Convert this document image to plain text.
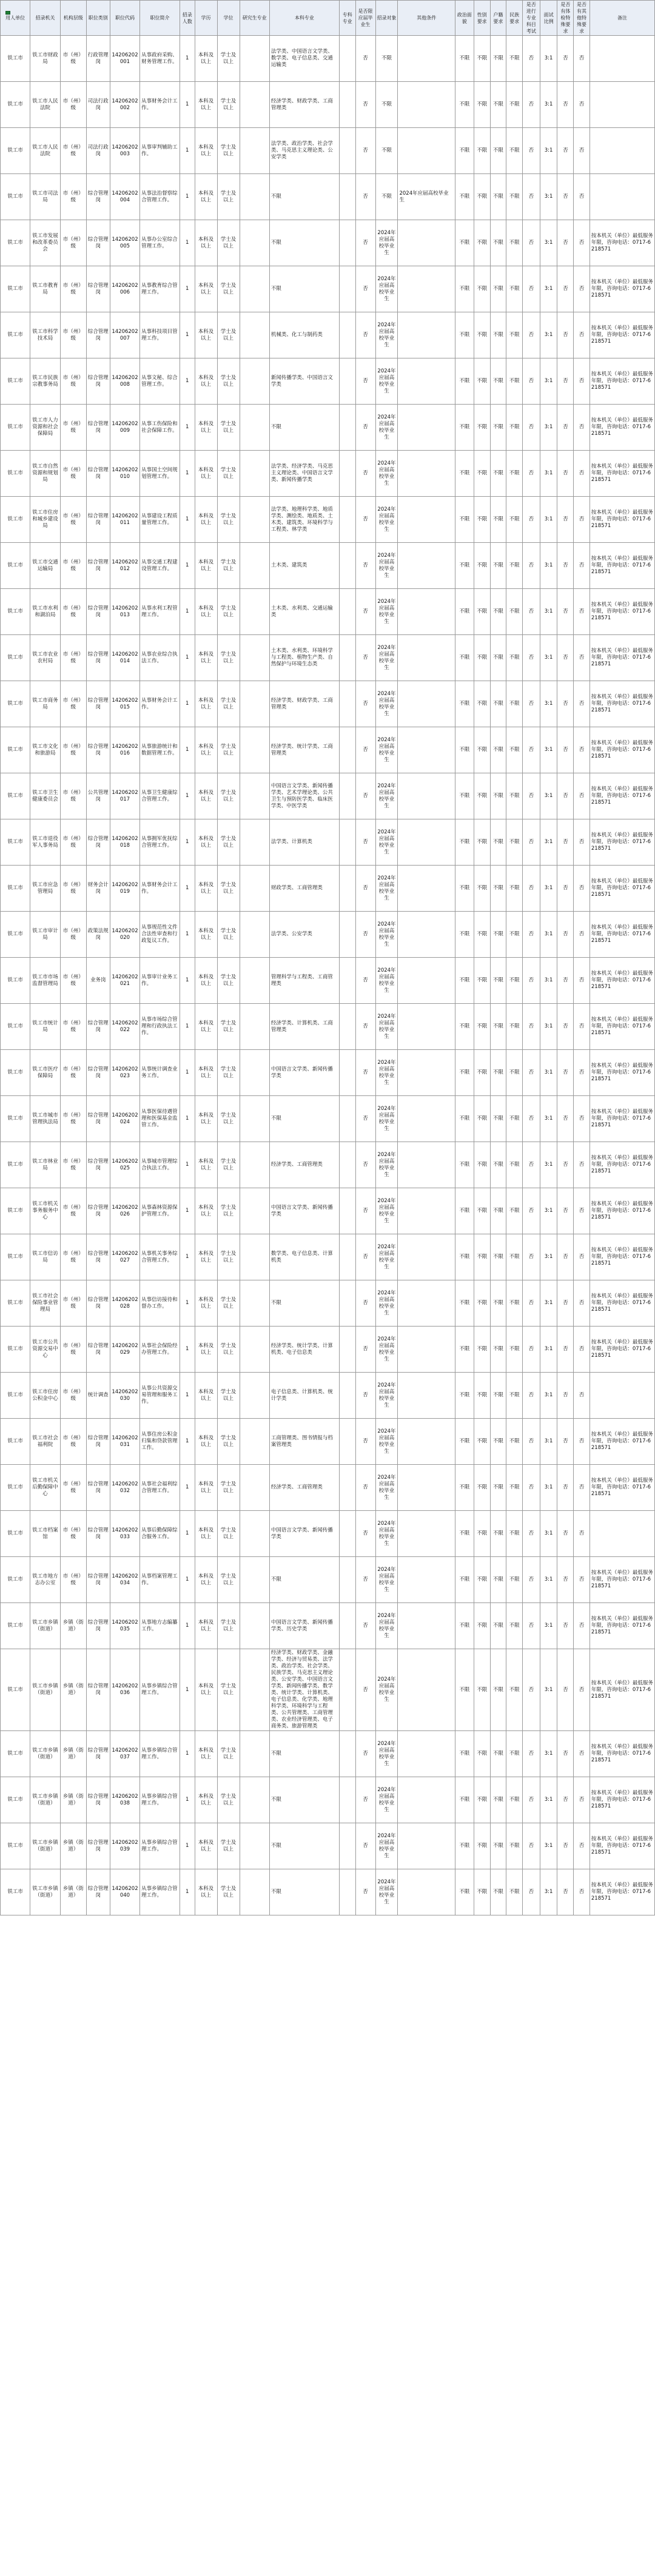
用人单位	招录机关	机构层级	职位类别	职位代码	职位简介	招录人数	学历	学位	研究生专业	本科专业	专科专业	是否限应届毕业生	招录对象	其他条件	政治面貌	性别要求	户籍要求	民族要求	是否进行专业科目考试	面试比例	是否有体检特殊要求	是否有其他特殊要求	备注
铁工市	铁工市财政局	市（州）级	行政管理岗	14206202001	从事政府采购、财务管理工作。	1	本科及以上	学士及以上		法学类、中国语言文学类、数学类、电子信息类、交通运输类		否	不限		不限	不限	不限	不限	否	3:1	否	否	
铁工市	铁工市人民法院	市（州）级	司法行政岗	14206202002	从事财务会计工作。	1	本科及以上	学士及以上		经济学类、财政学类、工商管理类		否	不限		不限	不限	不限	不限	否	3:1	否	否	
铁工市	铁工市人民法院	市（州）级	司法行政岗	14206202003	从事审判辅助工作。	1	本科及以上	学士及以上		法学类、政治学类、社会学类、马克思主义理论类、公安学类		否	不限		不限	不限	不限	不限	否	3:1	否	否	
铁工市	铁工市司法局	市（州）级	综合管理岗	14206202004	从事法治督察综合管理工作。	1	本科及以上	学士及以上		不限		否	不限	2024年应届高校毕业生	不限	不限	不限	不限	否	3:1	否	否	
铁工市	铁工市发展和改革委员会	市（州）级	综合管理岗	14206202005	从事办公室综合管理工作。	1	本科及以上	学士及以上		不限		否	2024年应届高校毕业生		不限	不限	不限	不限	否	3:1	否	否	按本机关（单位）最低服务年限，咨询电话：0717-6218571
铁工市	铁工市教育局	市（州）级	综合管理岗	14206202006	从事教育综合管理工作。	1	本科及以上	学士及以上		不限		否	2024年应届高校毕业生		不限	不限	不限	不限	否	3:1	否	否	按本机关（单位）最低服务年限，咨询电话：0717-6218571
铁工市	铁工市科学技术局	市（州）级	综合管理岗	14206202007	从事科技项目管理工作。	1	本科及以上	学士及以上		机械类、化工与制药类		否	2024年应届高校毕业生		不限	不限	不限	不限	否	3:1	否	否	按本机关（单位）最低服务年限，咨询电话：0717-6218571
铁工市	铁工市民族宗教事务局	市（州）级	综合管理岗	14206202008	从事文秘、综合管理工作。	1	本科及以上	学士及以上		新闻传播学类、中国语言文学类		否	2024年应届高校毕业生		不限	不限	不限	不限	否	3:1	否	否	按本机关（单位）最低服务年限，咨询电话：0717-6218571
铁工市	铁工市人力资源和社会保障局	市（州）级	综合管理岗	14206202009	从事工伤保险和社会保障工作。	1	本科及以上	学士及以上		不限		否	2024年应届高校毕业生		不限	不限	不限	不限	否	3:1	否	否	按本机关（单位）最低服务年限，咨询电话：0717-6218571
铁工市	铁工市自然资源和规划局	市（州）级	综合管理岗	14206202010	从事国土空间规划管理工作。	1	本科及以上	学士及以上		法学类、经济学类、马克思主义理论类、中国语言文学类、新闻传播学类		否	2024年应届高校毕业生		不限	不限	不限	不限	否	3:1	否	否	按本机关（单位）最低服务年限，咨询电话：0717-6218571
铁工市	铁工市住房和城乡建设局	市（州）级	综合管理岗	14206202011	从事建设工程质量管理工作。	1	本科及以上	学士及以上		法学类、地理科学类、地质学类、测绘类、地质类、土木类、建筑类、环境科学与工程类、林学类		否	2024年应届高校毕业生		不限	不限	不限	不限	否	3:1	否	否	按本机关（单位）最低服务年限，咨询电话：0717-6218571
铁工市	铁工市交通运输局	市（州）级	综合管理岗	14206202012	从事交通工程建设管理工作。	1	本科及以上	学士及以上		土木类、建筑类		否	2024年应届高校毕业生		不限	不限	不限	不限	否	3:1	否	否	按本机关（单位）最低服务年限，咨询电话：0717-6218571
铁工市	铁工市水利和湖泊局	市（州）级	综合管理岗	14206202013	从事水利工程管理工作。	1	本科及以上	学士及以上		土木类、水利类、交通运输类		否	2024年应届高校毕业生		不限	不限	不限	不限	否	3:1	否	否	按本机关（单位）最低服务年限，咨询电话：0717-6218571
铁工市	铁工市农业农村局	市（州）级	综合管理岗	14206202014	从事农业综合执法工作。	1	本科及以上	学士及以上		土木类、水利类、环境科学与工程类、植物生产类、自然保护与环境生态类		否	2024年应届高校毕业生		不限	不限	不限	不限	否	3:1	否	否	按本机关（单位）最低服务年限，咨询电话：0717-6218571
铁工市	铁工市商务局	市（州）级	综合管理岗	14206202015	从事财务会计工作。	1	本科及以上	学士及以上		经济学类、财政学类、工商管理类		否	2024年应届高校毕业生		不限	不限	不限	不限	否	3:1	否	否	按本机关（单位）最低服务年限，咨询电话：0717-6218571
铁工市	铁工市文化和旅游局	市（州）级	综合管理岗	14206202016	从事旅游统计和数据管理工作。	1	本科及以上	学士及以上		经济学类、统计学类、工商管理类		否	2024年应届高校毕业生		不限	不限	不限	不限	否	3:1	否	否	按本机关（单位）最低服务年限，咨询电话：0717-6218571
铁工市	铁工市卫生健康委员会	市（州）级	公共管理岗	14206202017	从事卫生健康综合管理工作。	1	本科及以上	学士及以上		中国语言文学类、新闻传播学类、艺术学理论类、公共卫生与预防医学类、临床医学类、中医学类		否	2024年应届高校毕业生		不限	不限	不限	不限	否	3:1	否	否	按本机关（单位）最低服务年限，咨询电话：0717-6218571
铁工市	铁工市退役军人事务局	市（州）级	综合管理岗	14206202018	从事拥军优抚综合管理工作。	1	本科及以上	学士及以上		法学类、计算机类		否	2024年应届高校毕业生		不限	不限	不限	不限	否	3:1	否	否	按本机关（单位）最低服务年限，咨询电话：0717-6218571
铁工市	铁工市应急管理局	市（州）级	财务会计岗	14206202019	从事财务会计工作。	1	本科及以上	学士及以上		财政学类、工商管理类		否	2024年应届高校毕业生		不限	不限	不限	不限	否	3:1	否	否	按本机关（单位）最低服务年限，咨询电话：0717-6218571
铁工市	铁工市审计局	市（州）级	政策法规岗	14206202020	从事规范性文件合法性审查和行政复议工作。	1	本科及以上	学士及以上		法学类、公安学类		否	2024年应届高校毕业生		不限	不限	不限	不限	否	3:1	否	否	按本机关（单位）最低服务年限，咨询电话：0717-6218571
铁工市	铁工市市场监督管理局	市（州）级	业务岗	14206202021	从事审计业务工作。	1	本科及以上	学士及以上		管理科学与工程类、工商管理类		否	2024年应届高校毕业生		不限	不限	不限	不限	否	3:1	否	否	按本机关（单位）最低服务年限，咨询电话：0717-6218571
铁工市	铁工市统计局	市（州）级	综合管理岗	14206202022	从事市场综合管理和行政执法工作。	1	本科及以上	学士及以上		经济学类、计算机类、工商管理类		否	2024年应届高校毕业生		不限	不限	不限	不限	否	3:1	否	否	按本机关（单位）最低服务年限，咨询电话：0717-6218571
铁工市	铁工市医疗保障局	市（州）级	综合管理岗	14206202023	从事统计调查业务工作。	1	本科及以上	学士及以上		中国语言文学类、新闻传播学类		否	2024年应届高校毕业生		不限	不限	不限	不限	否	3:1	否	否	按本机关（单位）最低服务年限，咨询电话：0717-6218571
铁工市	铁工市城市管理执法局	市（州）级	综合管理岗	14206202024	从事医保待遇管理和医保基金监管工作。	1	本科及以上	学士及以上		不限		否	2024年应届高校毕业生		不限	不限	不限	不限	否	3:1	否	否	按本机关（单位）最低服务年限，咨询电话：0717-6218571
铁工市	铁工市林业局	市（州）级	综合管理岗	14206202025	从事城市管理综合执法工作。	1	本科及以上	学士及以上		经济学类、工商管理类		否	2024年应届高校毕业生		不限	不限	不限	不限	否	3:1	否	否	按本机关（单位）最低服务年限，咨询电话：0717-6218571
铁工市	铁工市机关事务服务中心	市（州）级	综合管理岗	14206202026	从事森林资源保护管理工作。	1	本科及以上	学士及以上		中国语言文学类、新闻传播学类		否	2024年应届高校毕业生		不限	不限	不限	不限	否	3:1	否	否	按本机关（单位）最低服务年限，咨询电话：0717-6218571
铁工市	铁工市信访局	市（州）级	综合管理岗	14206202027	从事机关事务综合管理工作。	1	本科及以上	学士及以上		数学类、电子信息类、计算机类		否	2024年应届高校毕业生		不限	不限	不限	不限	否	3:1	否	否	按本机关（单位）最低服务年限，咨询电话：0717-6218571
铁工市	铁工市社会保险事业管理局	市（州）级	综合管理岗	14206202028	从事信访接待和督办工作。	1	本科及以上	学士及以上		不限		否	2024年应届高校毕业生		不限	不限	不限	不限	否	3:1	否	否	按本机关（单位）最低服务年限，咨询电话：0717-6218571
铁工市	铁工市公共资源交易中心	市（州）级	综合管理岗	14206202029	从事社会保险经办管理工作。	1	本科及以上	学士及以上		经济学类、统计学类、计算机类、电子信息类		否	2024年应届高校毕业生		不限	不限	不限	不限	否	3:1	否	否	按本机关（单位）最低服务年限，咨询电话：0717-6218571
铁工市	铁工市住房公积金中心	市（州）级	统计调查	14206202030	从事公共资源交易管理和服务工作。	1	本科及以上	学士及以上		电子信息类、计算机类、统计学类		否	2024年应届高校毕业生		不限	不限	不限	不限	否	3:1	否	否	
铁工市	铁工市社会福利院	市（州）级	综合管理岗	14206202031	从事住房公积金归集和贷款管理工作。	1	本科及以上	学士及以上		工商管理类、图书情报与档案管理类		否	2024年应届高校毕业生		不限	不限	不限	不限	否	3:1	否	否	按本机关（单位）最低服务年限，咨询电话：0717-6218571
铁工市	铁工市机关后勤保障中心	市（州）级	综合管理岗	14206202032	从事社会福利综合管理工作。	1	本科及以上	学士及以上		经济学类、工商管理类		否	2024年应届高校毕业生		不限	不限	不限	不限	否	3:1	否	否	按本机关（单位）最低服务年限，咨询电话：0717-6218571
铁工市	铁工市档案馆	市（州）级	综合管理岗	14206202033	从事后勤保障综合服务工作。	1	本科及以上	学士及以上		中国语言文学类、新闻传播学类		否	2024年应届高校毕业生		不限	不限	不限	不限	否	3:1	否	否	
铁工市	铁工市地方志办公室	市（州）级	综合管理岗	14206202034	从事档案管理工作。	1	本科及以上	学士及以上		不限		否	2024年应届高校毕业生		不限	不限	不限	不限	否	3:1	否	否	按本机关（单位）最低服务年限，咨询电话：0717-6218571
铁工市	铁工市乡镇（街道）	乡镇（街道）	综合管理岗	14206202035	从事地方志编纂工作。	1	本科及以上	学士及以上		中国语言文学类、新闻传播学类、历史学类		否	2024年应届高校毕业生		不限	不限	不限	不限	否	3:1	否	否	按本机关（单位）最低服务年限，咨询电话：0717-6218571
铁工市	铁工市乡镇（街道）	乡镇（街道）	综合管理岗	14206202036	从事乡镇综合管理工作。	1	本科及以上	学士及以上		经济学类、财政学类、金融学类、经济与贸易类、法学类、政治学类、社会学类、民族学类、马克思主义理论类、公安学类、中国语言文学类、新闻传播学类、数学类、统计学类、计算机类、电子信息类、化学类、地理科学类、环境科学与工程类、公共管理类、工商管理类、农业经济管理类、电子商务类、旅游管理类		否	2024年应届高校毕业生		不限	不限	不限	不限	否	3:1	否	否	按本机关（单位）最低服务年限，咨询电话：0717-6218571
铁工市	铁工市乡镇（街道）	乡镇（街道）	综合管理岗	14206202037	从事乡镇综合管理工作。	1	本科及以上	学士及以上		不限		否	2024年应届高校毕业生		不限	不限	不限	不限	否	3:1	否	否	按本机关（单位）最低服务年限，咨询电话：0717-6218571
铁工市	铁工市乡镇（街道）	乡镇（街道）	综合管理岗	14206202038	从事乡镇综合管理工作。	1	本科及以上	学士及以上		不限		否	2024年应届高校毕业生		不限	不限	不限	不限	否	3:1	否	否	按本机关（单位）最低服务年限，咨询电话：0717-6218571
铁工市	铁工市乡镇（街道）	乡镇（街道）	综合管理岗	14206202039	从事乡镇综合管理工作。	1	本科及以上	学士及以上		不限		否	2024年应届高校毕业生		不限	不限	不限	不限	否	3:1	否	否	按本机关（单位）最低服务年限，咨询电话：0717-6218571
铁工市	铁工市乡镇（街道）	乡镇（街道）	综合管理岗	14206202040	从事乡镇综合管理工作。	1	本科及以上	学士及以上		不限		否	2024年应届高校毕业生		不限	不限	不限	不限	否	3:1	否	否	按本机关（单位）最低服务年限，咨询电话：0717-6218571
